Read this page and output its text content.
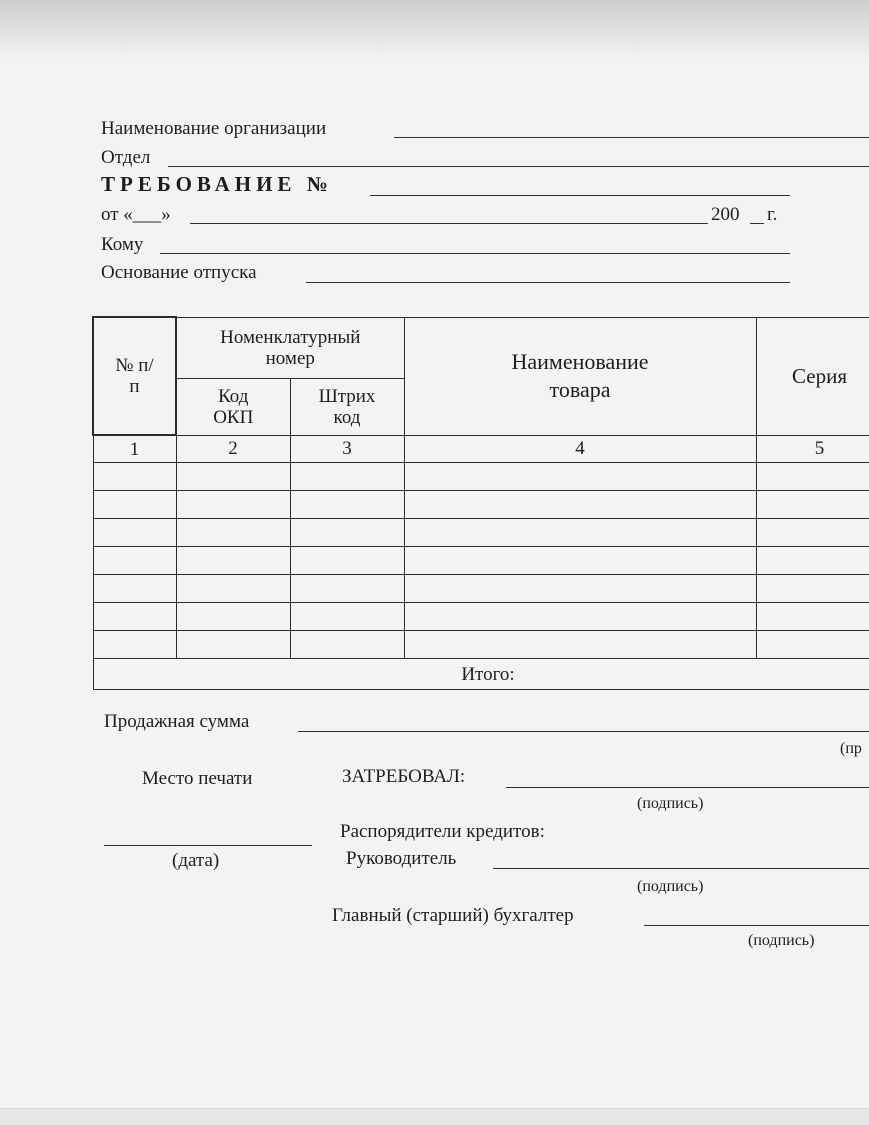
Наименование организации
Отдел
ТРЕБОВАНИЕ №
от «___»	200 г.
Кому
Основание отпуска
№ п/п	Номенклатурный номер		Наименование товара	Серия
	Код ОКП	Штрих код		
1	2	3	4	5

Итого:				
Продажная сумма
(пр
Место печати	ЗАТРЕБОВАЛ:
(подпись)
(дата)
Распорядители кредитов:
Руководитель
(подпись)
Главный (старший) бухгалтер
(подпись)
